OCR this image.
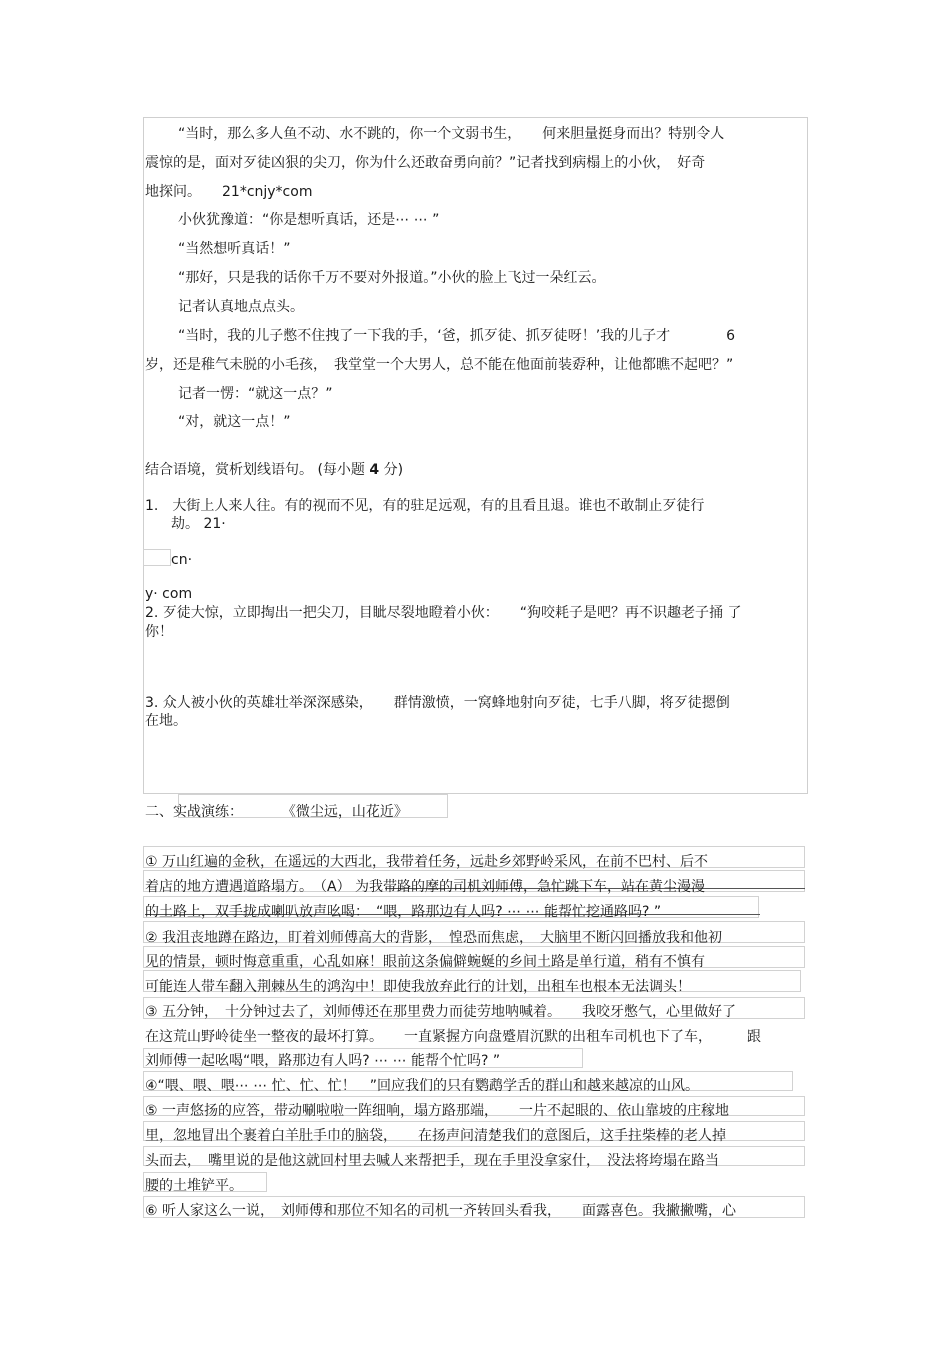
“当时，那么多人鱼不动、水不跳的，你一个文弱书生，　　何来胆量挺身而出？特别令人
震惊的是，面对歹徒凶狠的尖刀，你为什么还敢奋勇向前？”记者找到病榻上的小伙，　好奇
地探问。　　21*cnjy*com
小伙犹豫道：“你是想听真话，还是⋯ ⋯ ”
“当然想听真话！”
“那好，只是我的话你千万不要对外报道。”小伙的脸上飞过一朵红云。
记者认真地点点头。
“当时，我的儿子憋不住拽了一下我的手，‘爸，抓歹徒、抓歹徒呀！’我的儿子才　　　　6
岁，还是稚气未脱的小毛孩，　我堂堂一个大男人，总不能在他面前装孬种，让他都瞧不起吧？”
记者一愣：“就这一点？”
“对，就这一点！”
结合语境，赏析划线语句。 (每小题 4 分)
1.　大街上人来人往。有的视而不见，有的驻足远观，有的且看且退。谁也不敢制止歹徒行
劫。 21·
cn·
y· com
2. 歹徒大惊，立即掏出一把尖刀，目眦尽裂地瞪着小伙：　　“狗咬耗子是吧？再不识趣老子捅 了
你！
3. 众人被小伙的英雄壮举深深感染，　　群情激愤，一窝蜂地射向歹徒，七手八脚，将歹徒摁倒
在地。
二、实战演练：	《微尘远，山花近》
① 万山红遍的金秋，在遥远的大西北，我带着任务，远赴乡郊野岭采风，在前不巴村、后不
着店的地方遭遇道路塌方。　（A） 为我带路的摩的司机刘师傅，急忙跳下车，站在黄尘漫漫
的土路上，双手拢成喇叭放声吆喝：　“喂，路那边有人吗? ⋯ ⋯ 能帮忙挖通路吗? ”
② 我沮丧地蹲在路边，盯着刘师傅高大的背影，　惶恐而焦虑，　大脑里不断闪回播放我和他初
见的情景，顿时悔意重重，心乱如麻！眼前这条偏僻蜿蜒的乡间土路是单行道，稍有不慎有
可能连人带车翻入荆棘丛生的鸿沟中！即使我放弃此行的计划，出租车也根本无法调头！
③ 五分钟，　十分钟过去了，刘师傅还在那里费力而徒劳地呐喊着。　　我咬牙憋气，心里做好了
在这荒山野岭徒坐一整夜的最坏打算。　　一直紧握方向盘蹙眉沉默的出租车司机也下了车，　　　跟
刘师傅一起吆喝“喂，路那边有人吗? ⋯ ⋯ 能帮个忙吗? ”
④“喂、喂、喂⋯ ⋯ 忙、忙、忙！　”回应我们的只有鹦鹉学舌的群山和越来越凉的山风。
⑤ 一声悠扬的应答，带动唰啦啦一阵细响，塌方路那端，　　一片不起眼的、依山靠坡的庄稼地
里，忽地冒出个裹着白羊肚手巾的脑袋，　　在扬声问清楚我们的意图后，这手拄柴棒的老人掉
头而去，　嘴里说的是他这就回村里去喊人来帮把手，现在手里没拿家什，　没法将垮塌在路当
腰的土堆铲平。
⑥ 听人家这么一说，　刘师傅和那位不知名的司机一齐转回头看我，　　面露喜色。我撇撇嘴，心
